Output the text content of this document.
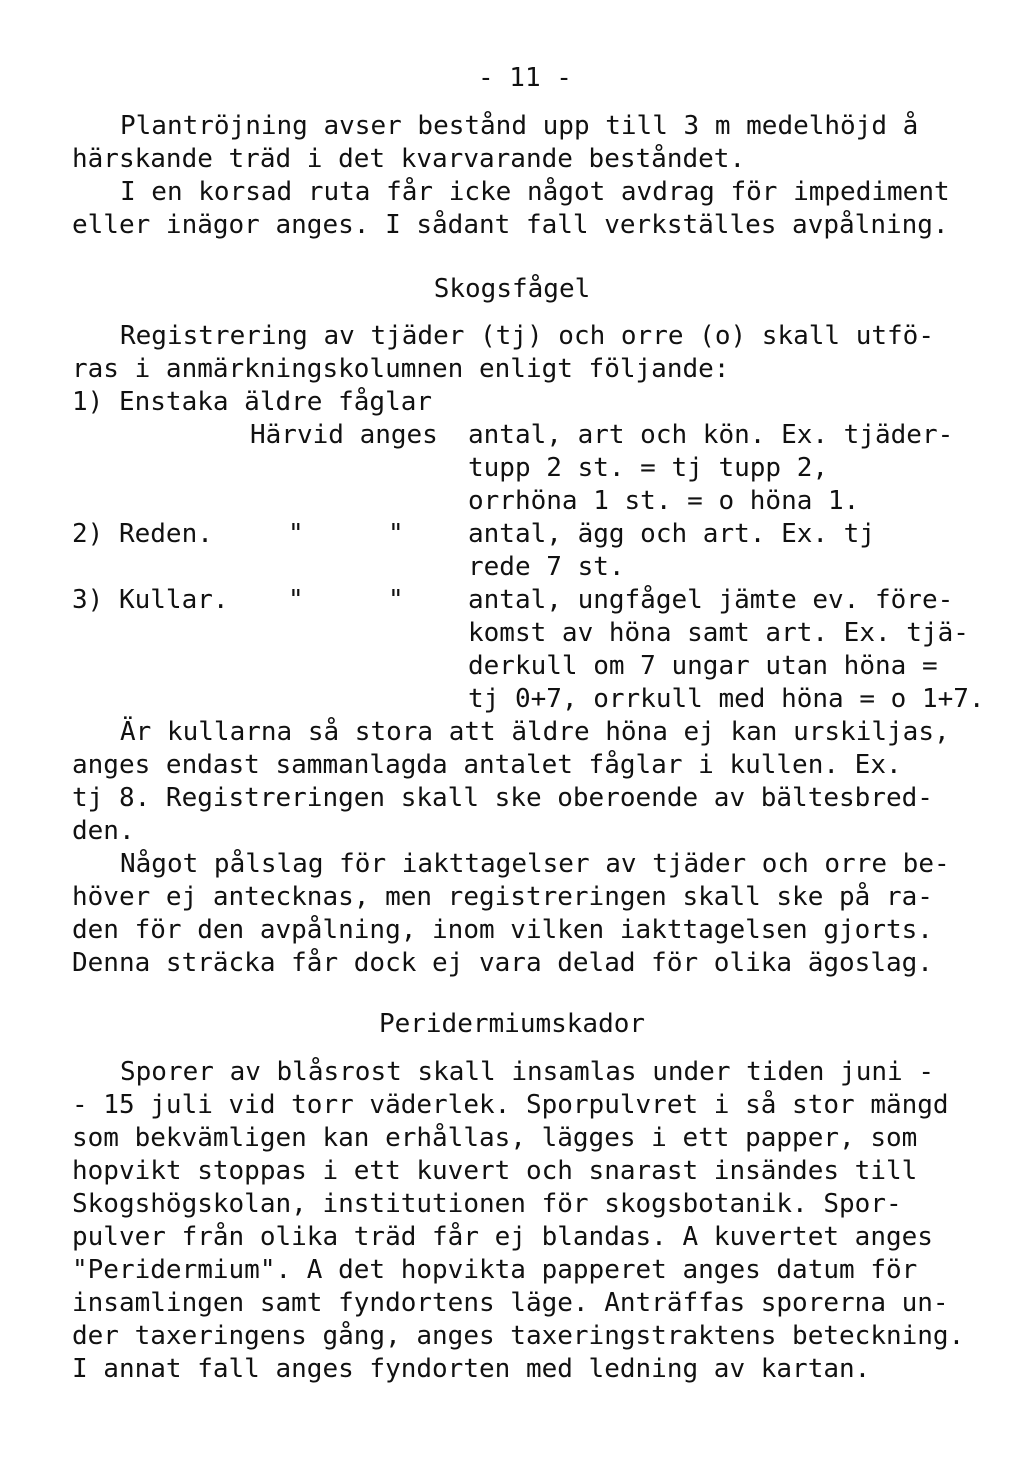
- 11 -
Plantröjning avser bestånd upp till 3 m medelhöjd å
härskande träd i det kvarvarande beståndet.
I en korsad ruta får icke något avdrag för impediment
eller inägor anges. I sådant fall verkställes avpålning.
Skogsfågel
Registrering av tjäder (tj) och orre (o) skall utfö-
ras i anmärkningskolumnen enligt följande:
1) Enstaka äldre fåglar
Härvid anges antal, art och kön. Ex. tjäder-
tupp 2 st. = tj tupp 2,
orrhöna 1 st. = o höna 1.
2) Reden.	"	" antal, ägg och art. Ex. tj
rede 7 st.
3) Kullar. "	" antal, ungfågel jämte ev. före-
komst av höna samt art. Ex. tjä-
derkull om 7 ungar utan höna =
tj 0+7, orrkull med höna = o 1+7.
Är kullarna så stora att äldre höna ej kan urskiljas,
anges endast sammanlagda antalet fåglar i kullen. Ex.
tj 8. Registreringen skall ske oberoende av bältesbred-
den.
Något pålslag för iakttagelser av tjäder och orre be-
höver ej antecknas, men registreringen skall ske på ra-
den för den avpålning, inom vilken iakttagelsen gjorts.
Denna sträcka får dock ej vara delad för olika ägoslag.
Peridermiumskador
Sporer av blåsrost skall insamlas under tiden juni -
- 15 juli vid torr väderlek. Sporpulvret i så stor mängd
som bekvämligen kan erhållas, lägges i ett papper, som
hopvikt stoppas i ett kuvert och snarast insändes till
Skogshögskolan, institutionen för skogsbotanik. Spor-
pulver från olika träd får ej blandas. A kuvertet anges
"Peridermium". A det hopvikta papperet anges datum för
insamlingen samt fyndortens läge. Anträffas sporerna un-
der taxeringens gång, anges taxeringstraktens beteckning.
I annat fall anges fyndorten med ledning av kartan.
